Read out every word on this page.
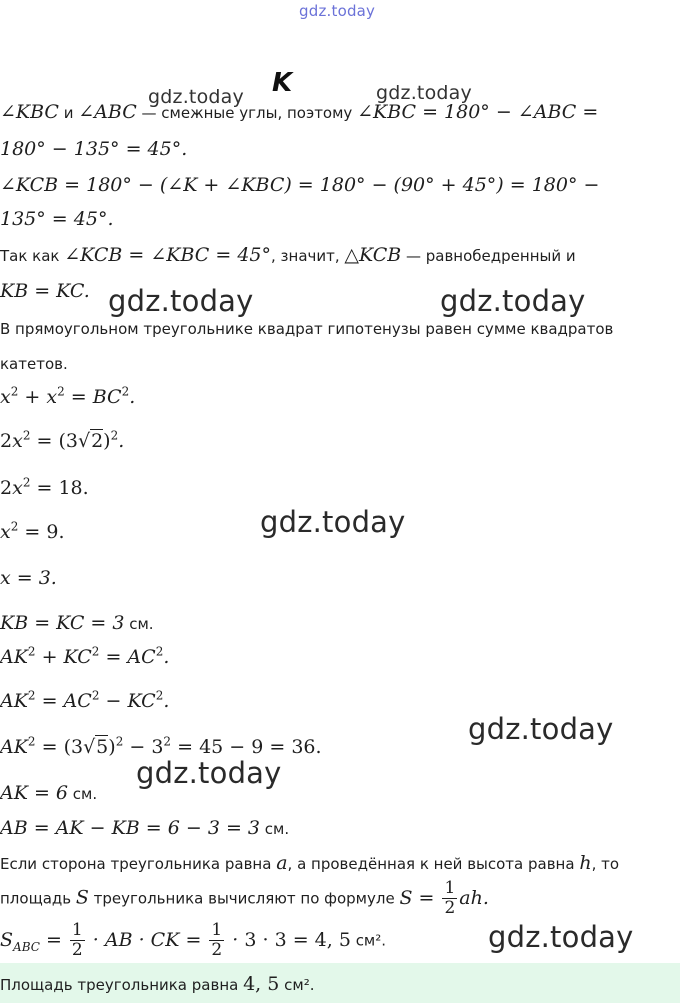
gdz.today
gdz.today	gdz.today
K
∠KBC и ∠ABC — смежные углы, поэтому ∠KBC = 180° − ∠ABC =
180° − 135° = 45°.
∠KCB = 180° − (∠K + ∠KBC) = 180° − (90° + 45°) = 180° −
135° = 45°.
Так как ∠KCB = ∠KBC = 45°, значит, △KCB — равнобедренный и
KB = KC. gdz.today	gdz.today
В прямоугольном треугольнике квадрат гипотенузы равен сумме квадратов
катетов.
$x^2 + x^2 = BC^2$.
$2x^2 = (3√2)^2$.
$2x^2 = 18$.
$x^2 = 9$.	gdz.today
x = 3.
KB = KC = 3 см.
$AK^2 + KC^2 = AC^2$.
$AK^2 = AC^2 - KC^2$.
gdz.today
$AK^2 = (3√5)^2 - 3^2 = 45 - 9 = 36$.
gdz.today
AK = 6 см.
AB = AK − KB = 6 − 3 = 3 см.
Если сторона треугольника равна a, а проведённая к ней высота равна h, то
площадь S треугольника вычисляют по формуле $S = \frac{1}{2}$ ah.
$S_{ABC} = \frac{1}{2}$ · AB · CK = $\frac{1}{2} \cdot 3 \cdot 3 = 4$, 5 см².	gdz.today
Площадь треугольника равна 4, 5 см².
